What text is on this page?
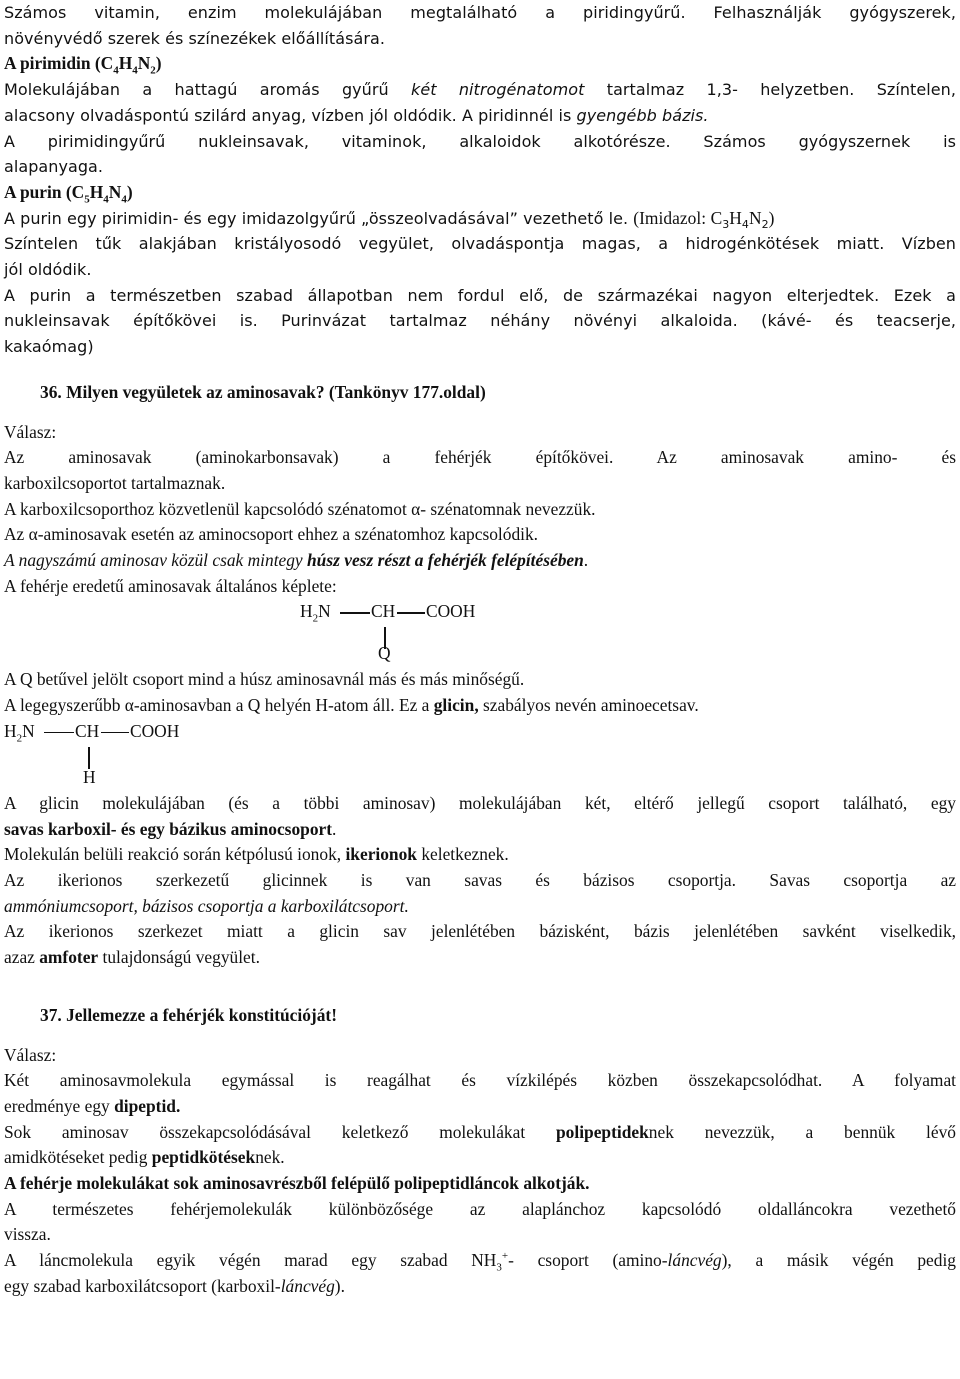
Számos vitamin, enzim molekulájában megtalálható a piridingyűrű. Felhasználják gyógyszerek,

növényvédő szerek és színezékek előállítására.

A pirimidin $(C_4H_4N_2)$

Molekulájában a hattagú aromás gyűrű két nitrogénatomot tartalmaz 1,3- helyzetben. Színtelen,

alacsony olvadáspontú szilárd anyag, vízben jól oldódik. A piridinnél is gyengébb bázis.

A pirimidingyűrű nukleinsavak, vitaminok, alkaloidok alkotórésze. Számos gyógyszernek is

alapanyaga.

A purin $(C_5H_4N_4)$

A purin egy pirimidin- és egy imidazolgyűrű „összeolvadásával” vezethető le. (Imidazol: $C_3H_4N_2$)

Színtelen tűk alakjában kristályosodó vegyület, olvadáspontja magas, a hidrogénkötések miatt. Vízben

jól oldódik.

A purin a természetben szabad állapotban nem fordul elő, de származékai nagyon elterjedtek. Ezek a

nukleinsavak építőkövei is. Purinvázat tartalmaz néhány növényi alkaloida. (kávé- és teacserje,

kakaómag)

36. Milyen vegyületek az aminosavak? (Tankönyv 177.oldal)

Válasz:

Az aminosavak (aminokarbonsavak) a fehérjék építőkövei. Az aminosavak amino- és

karboxilcsoportot tartalmaznak.

A karboxilcsoporthoz közvetlenül kapcsolódó szénatomot α- szénatomnak nevezzük.

Az α-aminosavak esetén az aminocsoport ehhez a szénatomhoz kapcsolódik.

A nagyszámú aminosav közül csak mintegy húsz vesz részt a fehérjék felépítésében.

A fehérje eredetű aminosavak általános képlete:

$H_2N$ CH COOH
Q

A Q betűvel jelölt csoport mind a húsz aminosavnál más és más minőségű.

A legegyszerűbb α-aminosavban a Q helyén H-atom áll. Ez a glicin, szabályos nevén aminoecetsav.

$H_2N$ CH COOH
H

A glicin molekulájában (és a többi aminosav) molekulájában két, eltérő jellegű csoport található, egy

savas karboxil- és egy bázikus aminocsoport.

Molekulán belüli reakció során kétpólusú ionok, ikerionok keletkeznek.

Az ikerionos szerkezetű glicinnek is van savas és bázisos csoportja. Savas csoportja az

ammóniumcsoport, bázisos csoportja a karboxilátcsoport.

Az ikerionos szerkezet miatt a glicin sav jelenlétében bázisként, bázis jelenlétében savként viselkedik,

azaz amfoter tulajdonságú vegyület.

37. Jellemezze a fehérjék konstitúcióját!

Válasz:

Két aminosavmolekula egymással is reagálhat és vízkilépés közben összekapcsolódhat. A folyamat

eredménye egy dipeptid.

Sok aminosav összekapcsolódásával keletkező molekulákat polipeptideknek nevezzük, a bennük lévő

amidkötéseket pedig peptidkötéseknek.

A fehérje molekulákat sok aminosavrészből felépülő polipeptidláncok alkotják.

A természetes fehérjemolekulák különbözősége az alaplánchoz kapcsolódó oldalláncokra vezethető

vissza.

A láncmolekula egyik végén marad egy szabad $NH_3^+-$ csoport (amino-láncvég), a másik végén pedig

egy szabad karboxilátcsoport (karboxil-láncvég).
